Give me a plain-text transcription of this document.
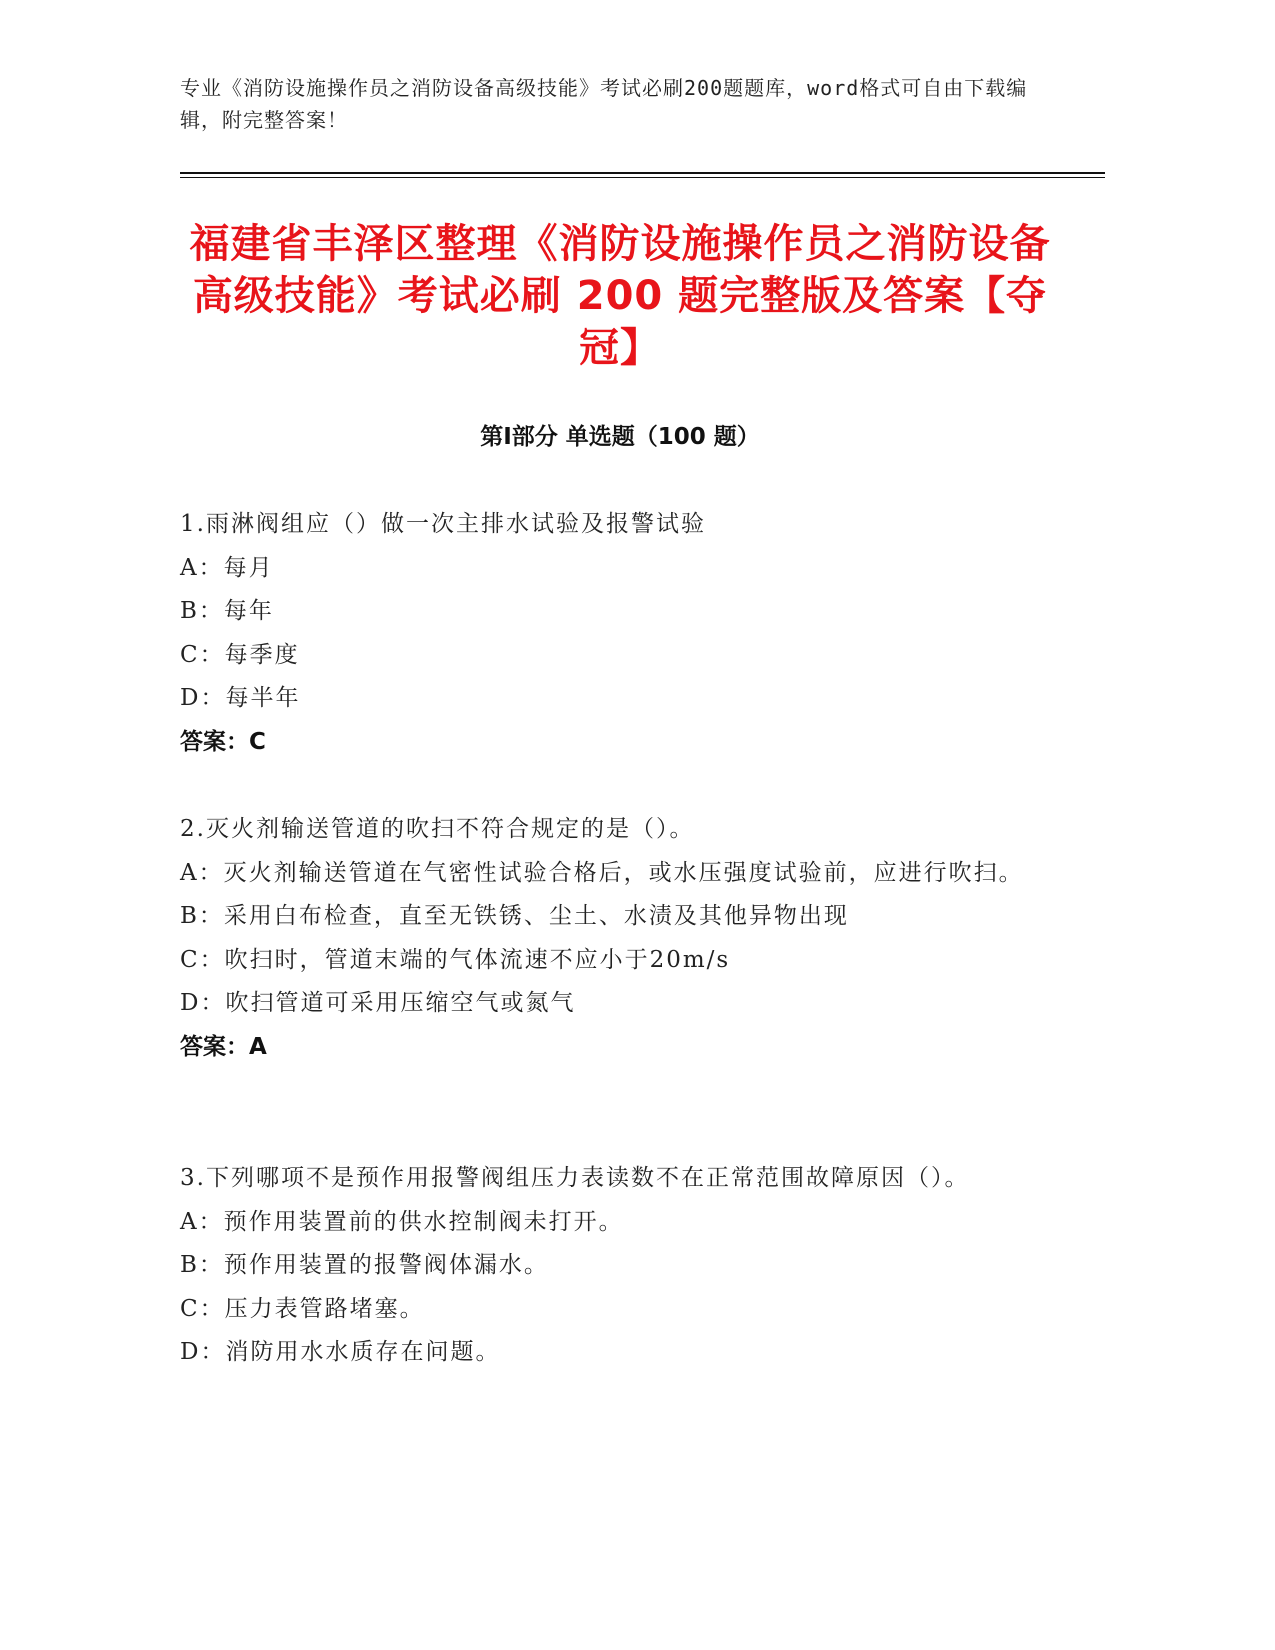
专业《消防设施操作员之消防设备高级技能》考试必刷200题题库，word格式可自由下载编辑，附完整答案！
福建省丰泽区整理《消防设施操作员之消防设备高级技能》考试必刷 200 题完整版及答案【夺冠】
第Ⅰ部分 单选题（100 题）
1.雨淋阀组应（）做一次主排水试验及报警试验
A：每月
B：每年
C：每季度
D：每半年
答案：C
2.灭火剂输送管道的吹扫不符合规定的是（）。
A：灭火剂输送管道在气密性试验合格后，或水压强度试验前，应进行吹扫。
B：采用白布检查，直至无铁锈、尘土、水渍及其他异物出现
C：吹扫时，管道末端的气体流速不应小于20m/s
D：吹扫管道可采用压缩空气或氮气
答案：A
3.下列哪项不是预作用报警阀组压力表读数不在正常范围故障原因（）。
A：预作用装置前的供水控制阀未打开。
B：预作用装置的报警阀体漏水。
C：压力表管路堵塞。
D：消防用水水质存在问题。
